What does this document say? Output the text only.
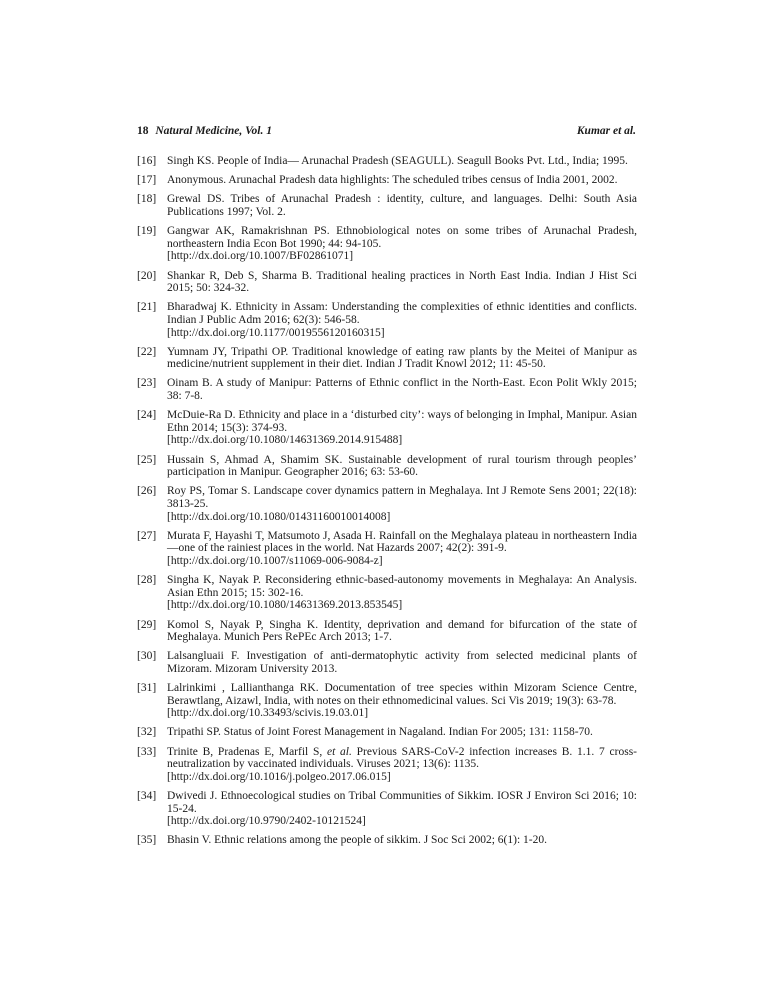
18 Natural Medicine, Vol. 1	Kumar et al.
[16] Singh KS. People of India— Arunachal Pradesh (SEAGULL). Seagull Books Pvt. Ltd., India; 1995.
[17] Anonymous. Arunachal Pradesh data highlights: The scheduled tribes census of India 2001, 2002.
[18] Grewal DS. Tribes of Arunachal Pradesh : identity, culture, and languages. Delhi: South Asia Publications 1997; Vol. 2.
[19] Gangwar AK, Ramakrishnan PS. Ethnobiological notes on some tribes of Arunachal Pradesh, northeastern India Econ Bot 1990; 44: 94-105.
[http://dx.doi.org/10.1007/BF02861071]
[20] Shankar R, Deb S, Sharma B. Traditional healing practices in North East India. Indian J Hist Sci 2015; 50: 324-32.
[21] Bharadwaj K. Ethnicity in Assam: Understanding the complexities of ethnic identities and conflicts. Indian J Public Adm 2016; 62(3): 546-58.
[http://dx.doi.org/10.1177/0019556120160315]
[22] Yumnam JY, Tripathi OP. Traditional knowledge of eating raw plants by the Meitei of Manipur as medicine/nutrient supplement in their diet. Indian J Tradit Knowl 2012; 11: 45-50.
[23] Oinam B. A study of Manipur: Patterns of Ethnic conflict in the North-East. Econ Polit Wkly 2015; 38: 7-8.
[24] McDuie-Ra D. Ethnicity and place in a ‘disturbed city’: ways of belonging in Imphal, Manipur. Asian Ethn 2014; 15(3): 374-93.
[http://dx.doi.org/10.1080/14631369.2014.915488]
[25] Hussain S, Ahmad A, Shamim SK. Sustainable development of rural tourism through peoples’ participation in Manipur. Geographer 2016; 63: 53-60.
[26] Roy PS, Tomar S. Landscape cover dynamics pattern in Meghalaya. Int J Remote Sens 2001; 22(18): 3813-25.
[http://dx.doi.org/10.1080/01431160010014008]
[27] Murata F, Hayashi T, Matsumoto J, Asada H. Rainfall on the Meghalaya plateau in northeastern India—one of the rainiest places in the world. Nat Hazards 2007; 42(2): 391-9.
[http://dx.doi.org/10.1007/s11069-006-9084-z]
[28] Singha K, Nayak P. Reconsidering ethnic-based-autonomy movements in Meghalaya: An Analysis. Asian Ethn 2015; 15: 302-16.
[http://dx.doi.org/10.1080/14631369.2013.853545]
[29] Komol S, Nayak P, Singha K. Identity, deprivation and demand for bifurcation of the state of Meghalaya. Munich Pers RePEc Arch 2013; 1-7.
[30] Lalsangluaii F. Investigation of anti-dermatophytic activity from selected medicinal plants of Mizoram. Mizoram University 2013.
[31] Lalrinkimi , Lallianthanga RK. Documentation of tree species within Mizoram Science Centre, Berawtlang, Aizawl, India, with notes on their ethnomedicinal values. Sci Vis 2019; 19(3): 63-78.
[http://dx.doi.org/10.33493/scivis.19.03.01]
[32] Tripathi SP. Status of Joint Forest Management in Nagaland. Indian For 2005; 131: 1158-70.
[33] Trinite B, Pradenas E, Marfil S, et al. Previous SARS-CoV-2 infection increases B. 1.1. 7 cross-neutralization by vaccinated individuals. Viruses 2021; 13(6): 1135.
[http://dx.doi.org/10.1016/j.polgeo.2017.06.015]
[34] Dwivedi J. Ethnoecological studies on Tribal Communities of Sikkim. IOSR J Environ Sci 2016; 10: 15-24.
[http://dx.doi.org/10.9790/2402-10121524]
[35] Bhasin V. Ethnic relations among the people of sikkim. J Soc Sci 2002; 6(1): 1-20.
